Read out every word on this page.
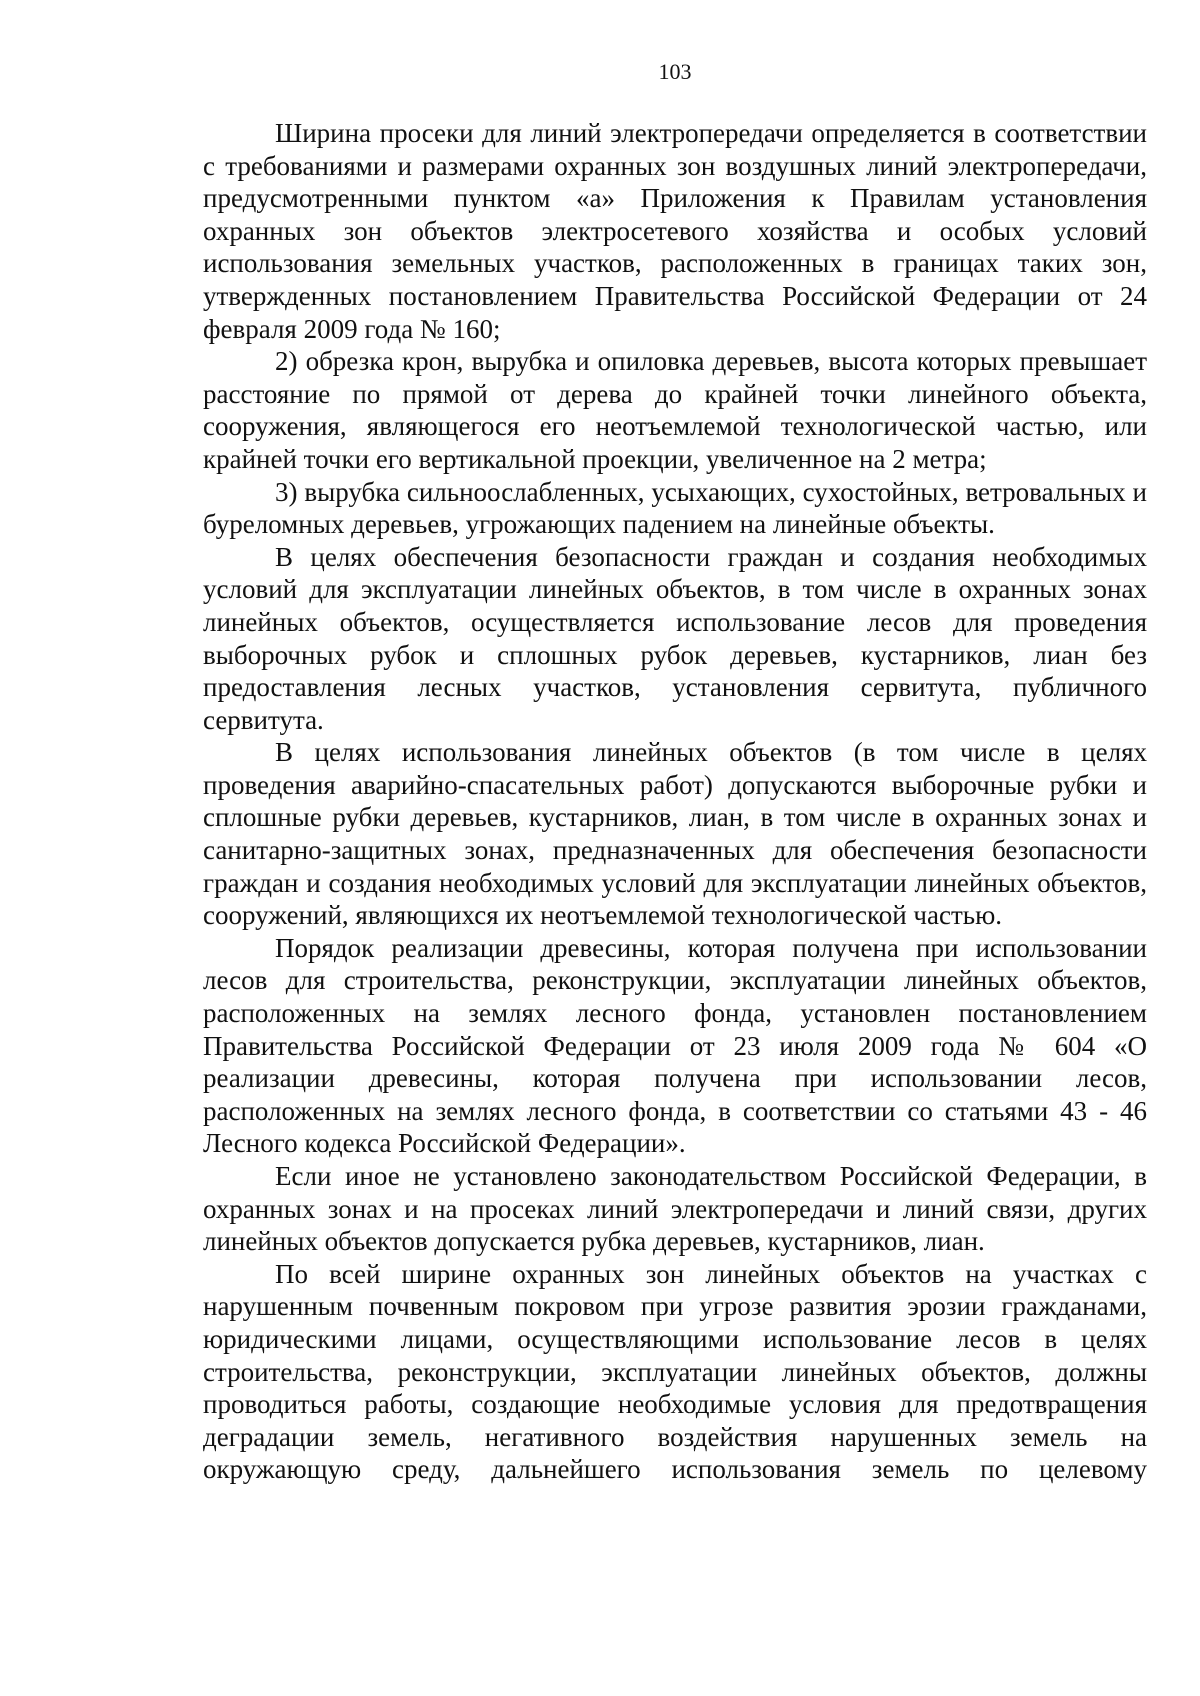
103

Ширина просеки для линий электропередачи определяется в соответствии с требованиями и размерами охранных зон воздушных линий электропередачи, предусмотренными пунктом «а» Приложения к Правилам установления охранных зон объектов электросетевого хозяйства и особых условий использования земельных участков, расположенных в границах таких зон, утвержденных постановлением Правительства Российской Федерации от 24 февраля 2009 года № 160;

2) обрезка крон, вырубка и опиловка деревьев, высота которых превышает расстояние по прямой от дерева до крайней точки линейного объекта, сооружения, являющегося его неотъемлемой технологической частью, или крайней точки его вертикальной проекции, увеличенное на 2 метра;

3) вырубка сильноослабленных, усыхающих, сухостойных, ветровальных и буреломных деревьев, угрожающих падением на линейные объекты.

В целях обеспечения безопасности граждан и создания необходимых условий для эксплуатации линейных объектов, в том числе в охранных зонах линейных объектов, осуществляется использование лесов для проведения выборочных рубок и сплошных рубок деревьев, кустарников, лиан без предоставления лесных участков, установления сервитута, публичного сервитута.

В целях использования линейных объектов (в том числе в целях проведения аварийно-спасательных работ) допускаются выборочные рубки и сплошные рубки деревьев, кустарников, лиан, в том числе в охранных зонах и санитарно-защитных зонах, предназначенных для обеспечения безопасности граждан и создания необходимых условий для эксплуатации линейных объектов, сооружений, являющихся их неотъемлемой технологической частью.

Порядок реализации древесины, которая получена при использовании лесов для строительства, реконструкции, эксплуатации линейных объектов, расположенных на землях лесного фонда, установлен постановлением Правительства Российской Федерации от 23 июля 2009 года № 604 «О реализации древесины, которая получена при использовании лесов, расположенных на землях лесного фонда, в соответствии со статьями 43 - 46 Лесного кодекса Российской Федерации».

Если иное не установлено законодательством Российской Федерации, в охранных зонах и на просеках линий электропередачи и линий связи, других линейных объектов допускается рубка деревьев, кустарников, лиан.

По всей ширине охранных зон линейных объектов на участках с нарушенным почвенным покровом при угрозе развития эрозии гражданами, юридическими лицами, осуществляющими использование лесов в целях строительства, реконструкции, эксплуатации линейных объектов, должны проводиться работы, создающие необходимые условия для предотвращения деградации земель, негативного воздействия нарушенных земель на окружающую среду, дальнейшего использования земель по целевому
